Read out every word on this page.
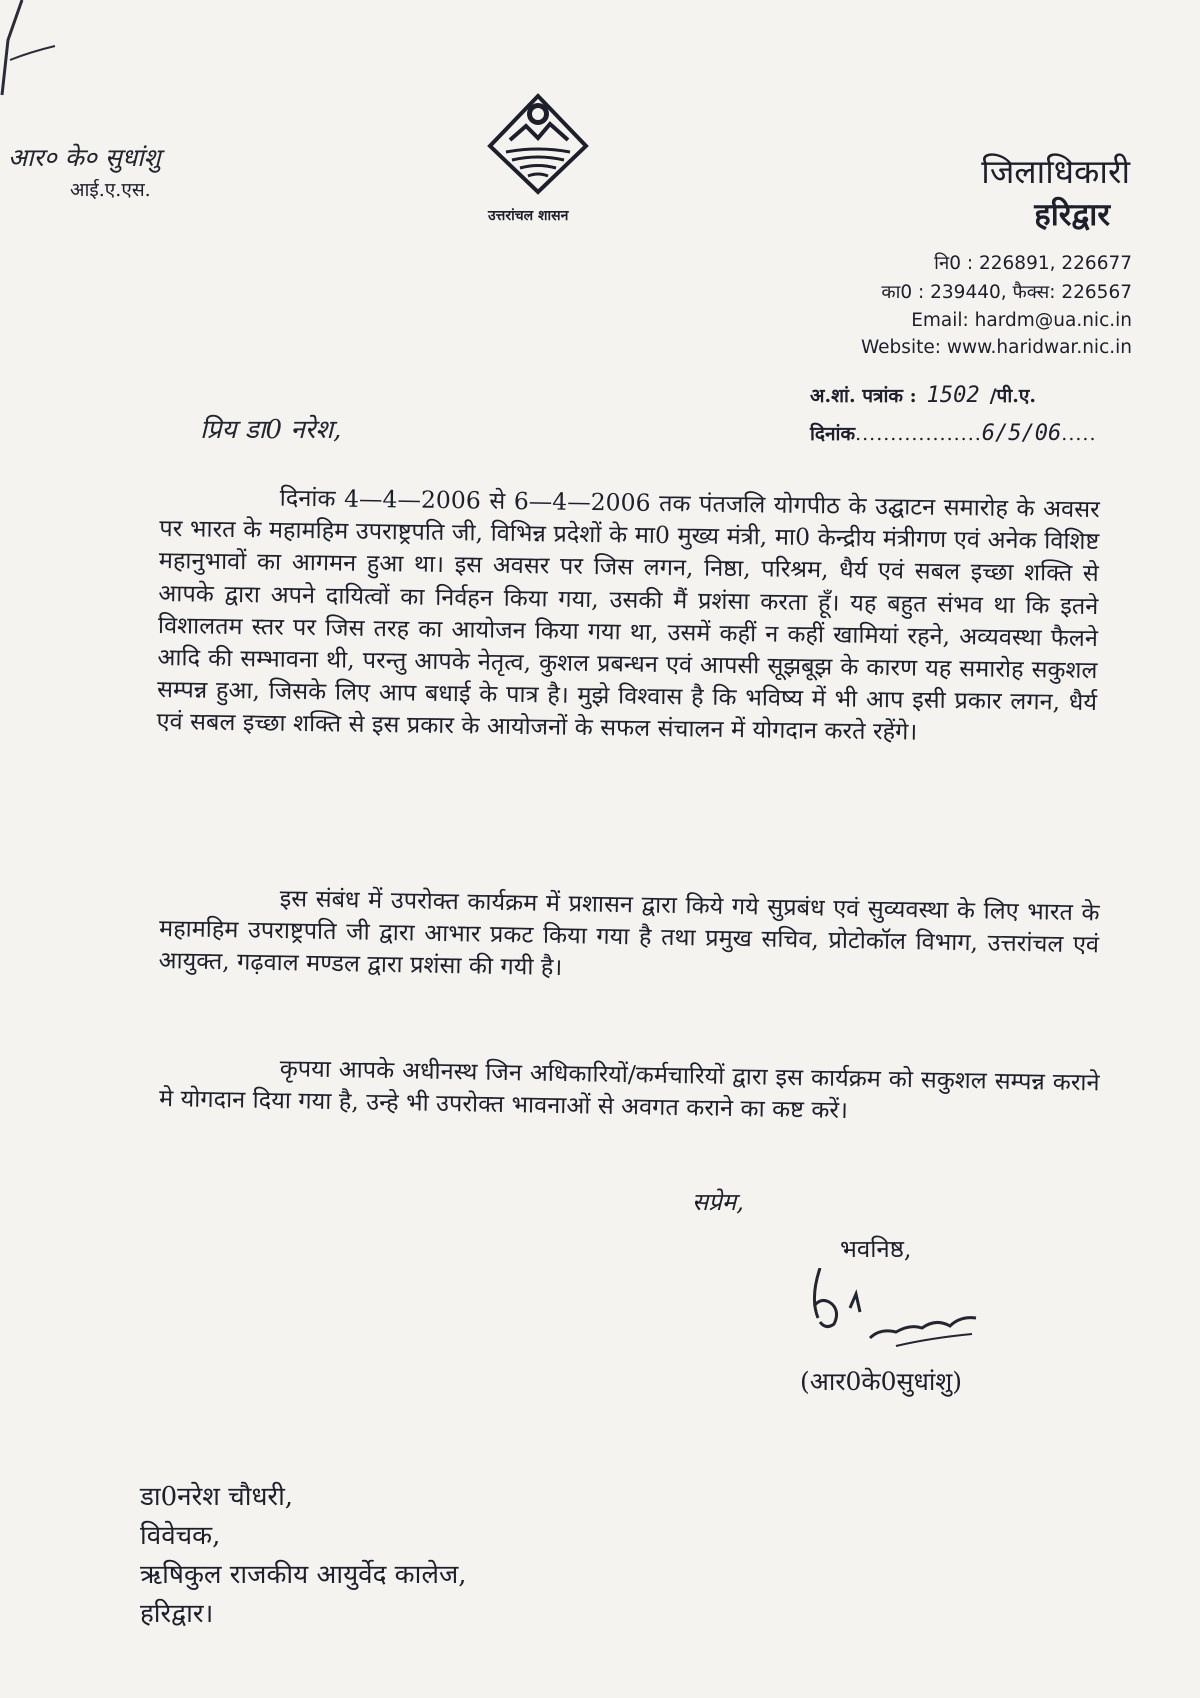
आर० के० सुधांशु
आई.ए.एस.
उत्तरांचल शासन
जिलाधिकारी
हरिद्वार
नि0 : 226891, 226677
का0 : 239440, फैक्स: 226567
Email: hardm@ua.nic.in
Website: www.haridwar.nic.in
अ.शां. पत्रांक : 1502 /पी.ए.
दिनांक..................6/5/06.....
प्रिय डा0 नरेश,
दिनांक 4—4—2006 से 6—4—2006 तक पंतजलि योगपीठ के उद्घाटन समारोह के अवसर पर भारत के महामहिम उपराष्ट्रपति जी, विभिन्न प्रदेशों के मा0 मुख्य मंत्री, मा0 केन्द्रीय मंत्रीगण एवं अनेक विशिष्ट महानुभावों का आगमन हुआ था। इस अवसर पर जिस लगन, निष्ठा, परिश्रम, धैर्य एवं सबल इच्छा शक्ति से आपके द्वारा अपने दायित्वों का निर्वहन किया गया, उसकी मैं प्रशंसा करता हूँ। यह बहुत संभव था कि इतने विशालतम स्तर पर जिस तरह का आयोजन किया गया था, उसमें कहीं न कहीं खामियां रहने, अव्यवस्था फैलने आदि की सम्भावना थी, परन्तु आपके नेतृत्व, कुशल प्रबन्धन एवं आपसी सूझबूझ के कारण यह समारोह सकुशल सम्पन्न हुआ, जिसके लिए आप बधाई के पात्र है। मुझे विश्वास है कि भविष्य में भी आप इसी प्रकार लगन, धैर्य एवं सबल इच्छा शक्ति से इस प्रकार के आयोजनों के सफल संचालन में योगदान करते रहेंगे।
इस संबंध में उपरोक्त कार्यक्रम में प्रशासन द्वारा किये गये सुप्रबंध एवं सुव्यवस्था के लिए भारत के महामहिम उपराष्ट्रपति जी द्वारा आभार प्रकट किया गया है तथा प्रमुख सचिव, प्रोटोकॉल विभाग, उत्तरांचल एवं आयुक्त, गढ़वाल मण्डल द्वारा प्रशंसा की गयी है।
कृपया आपके अधीनस्थ जिन अधिकारियों/कर्मचारियों द्वारा इस कार्यक्रम को सकुशल सम्पन्न कराने मे योगदान दिया गया है, उन्हे भी उपरोक्त भावनाओं से अवगत कराने का कष्ट करें।
सप्रेम,
भवनिष्ठ,
(आर0के0सुधांशु)
डा0नरेश चौधरी,
विवेचक,
ऋषिकुल राजकीय आयुर्वेद कालेज,
हरिद्वार।
